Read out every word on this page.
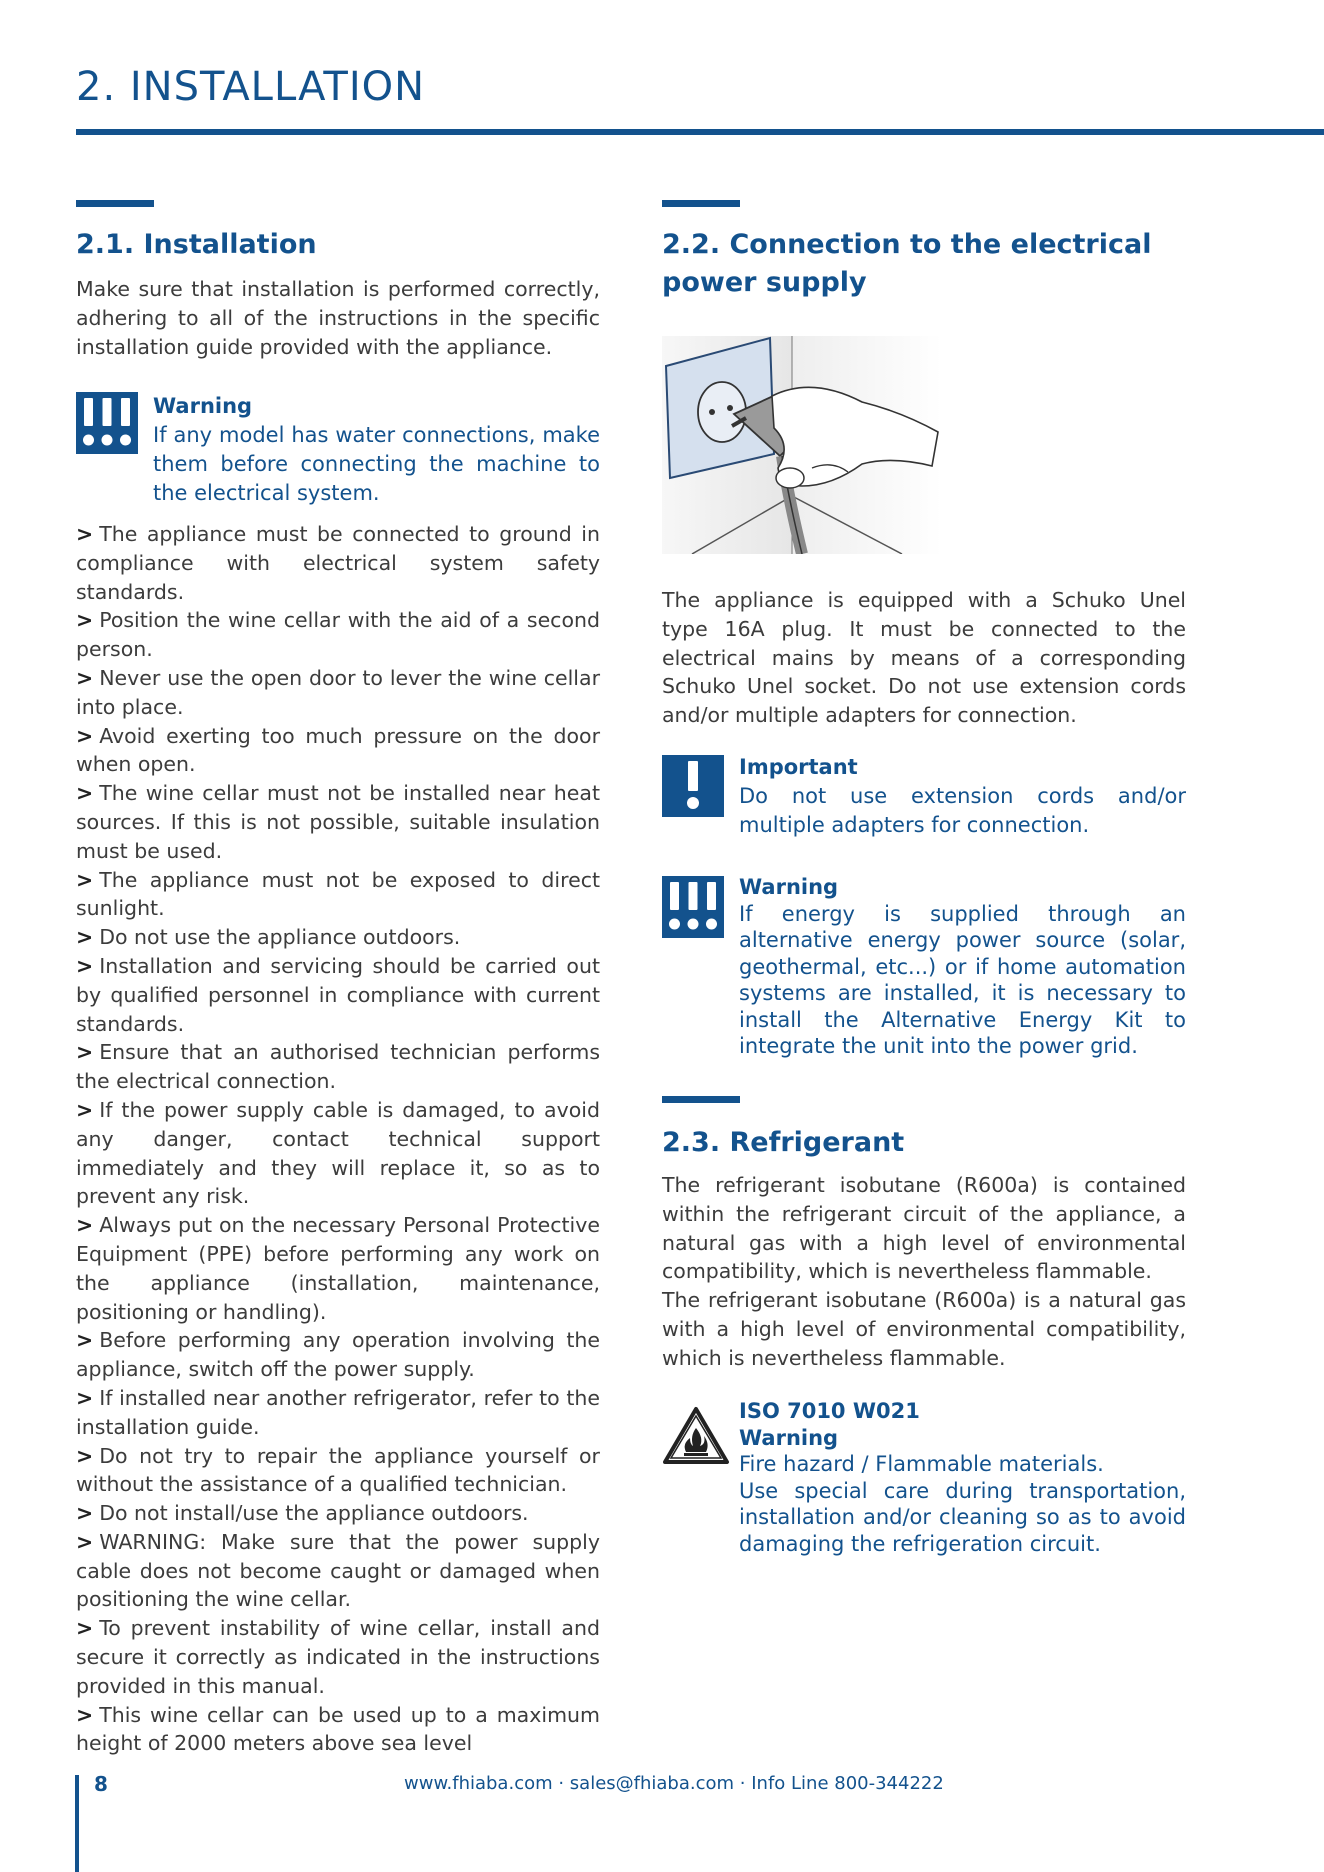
2. INSTALLATION
2.1. Installation

Make sure that installation is performed correctly, adhering to all of the instructions in the specific installation guide provided with the appliance.

Warning
If any model has water connections, make them before connecting the machine to the electrical system.
> The appliance must be connected to ground in compliance with electrical system safety standards.
> Position the wine cellar with the aid of a second person.
> Never use the open door to lever the wine cellar into place.
> Avoid exerting too much pressure on the door when open.
> The wine cellar must not be installed near heat sources. If this is not possible, suitable insulation must be used.
> The appliance must not be exposed to direct sunlight.
> Do not use the appliance outdoors.
> Installation and servicing should be carried out by qualified personnel in compliance with current standards.
> Ensure that an authorised technician performs the electrical connection.
> If the power supply cable is damaged, to avoid any danger, contact technical support immediately and they will replace it, so as to prevent any risk.
> Always put on the necessary Personal Protective Equipment (PPE) before performing any work on the appliance (installation, maintenance, positioning or handling).
> Before performing any operation involving the appliance, switch off the power supply.
> If installed near another refrigerator, refer to the installation guide.
> Do not try to repair the appliance yourself or without the assistance of a qualified technician.
> Do not install/use the appliance outdoors.
> WARNING: Make sure that the power supply cable does not become caught or damaged when positioning the wine cellar.
> To prevent instability of wine cellar, install and secure it correctly as indicated in the instructions provided in this manual.
> This wine cellar can be used up to a maximum height of 2000 meters above sea level
2.2. Connection to the electrical power supply

The appliance is equipped with a Schuko Unel type 16A plug. It must be connected to the electrical mains by means of a corresponding Schuko Unel socket. Do not use extension cords and/or multiple adapters for connection.

Important
Do not use extension cords and/or multiple adapters for connection.
Warning
If energy is supplied through an alternative energy power source (solar, geothermal, etc...) or if home automation systems are installed, it is necessary to install the Alternative Energy Kit to integrate the unit into the power grid.
2.3. Refrigerant

The refrigerant isobutane (R600a) is contained within the refrigerant circuit of the appliance, a natural gas with a high level of environmental compatibility, which is nevertheless flammable.

The refrigerant isobutane (R600a) is a natural gas with a high level of environmental compatibility, which is nevertheless flammable.

ISO 7010 W021
Warning
Fire hazard / Flammable materials.
Use special care during transportation, installation and/or cleaning so as to avoid damaging the refrigeration circuit.
8	www.fhiaba.com · sales@fhiaba.com · Info Line 800-344222
